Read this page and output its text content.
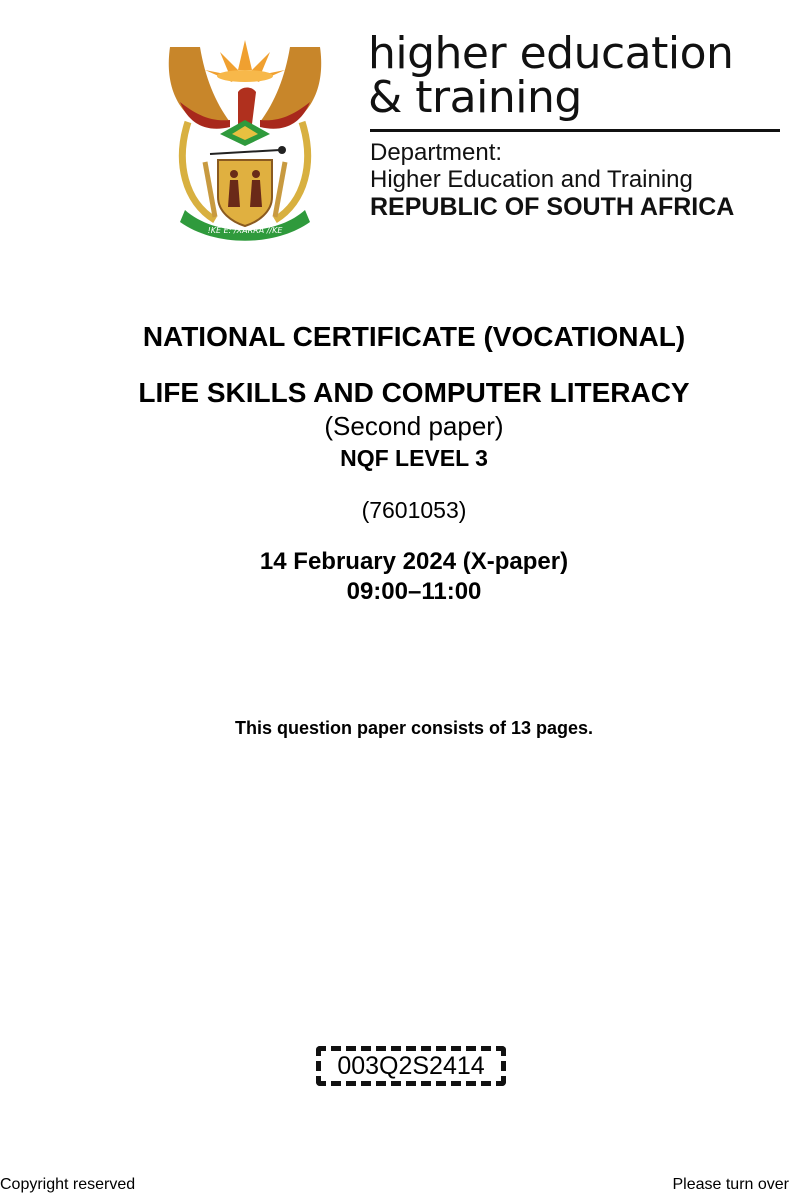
!KE E: /XARRA //KE
higher education
& training
Department:
Higher Education and Training
REPUBLIC OF SOUTH AFRICA
NATIONAL CERTIFICATE (VOCATIONAL)
LIFE SKILLS AND COMPUTER LITERACY
(Second paper)
NQF LEVEL 3
(7601053)
14 February 2024 (X-paper)
09:00–11:00
This question paper consists of 13 pages.
003Q2S2414
Copyright reserved	Please turn over
